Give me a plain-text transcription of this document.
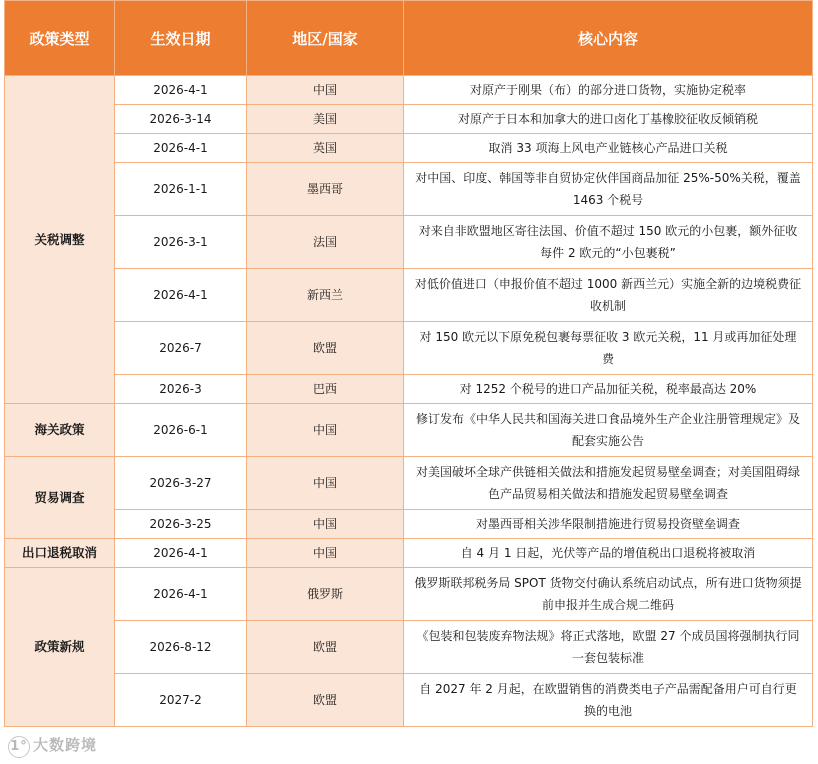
政策类型	生效日期	地区/国家	核心内容
关税调整	2026-4-1	中国	对原产于刚果（布）的部分进口货物，实施协定税率
	2026-3-14	美国	对原产于日本和加拿大的进口卤化丁基橡胶征收反倾销税
	2026-4-1	英国	取消 33 项海上风电产业链核心产品进口关税
	2026-1-1	墨西哥	对中国、印度、韩国等非自贸协定伙伴国商品加征 25%-50%关税，覆盖 1463 个税号
	2026-3-1	法国	对来自非欧盟地区寄往法国、价值不超过 150 欧元的小包裹，额外征收每件 2 欧元的“小包裹税”
	2026-4-1	新西兰	对低价值进口（申报价值不超过 1000 新西兰元）实施全新的边境税费征收机制
	2026-7	欧盟	对 150 欧元以下原免税包裹每票征收 3 欧元关税，11 月或再加征处理费
	2026-3	巴西	对 1252 个税号的进口产品加征关税，税率最高达 20%
海关政策	2026-6-1	中国	修订发布《中华人民共和国海关进口食品境外生产企业注册管理规定》及配套实施公告
贸易调查	2026-3-27	中国	对美国破坏全球产供链相关做法和措施发起贸易壁垒调查；对美国阻碍绿色产品贸易相关做法和措施发起贸易壁垒调查
	2026-3-25	中国	对墨西哥相关涉华限制措施进行贸易投资壁垒调查
出口退税取消	2026-4-1	中国	自 4 月 1 日起，光伏等产品的增值税出口退税将被取消
政策新规	2026-4-1	俄罗斯	俄罗斯联邦税务局 SPOT 货物交付确认系统启动试点，所有进口货物须提前申报并生成合规二维码
	2026-8-12	欧盟	《包装和包装废弃物法规》将正式落地，欧盟 27 个成员国将强制执行同一套包装标准
	2027-2	欧盟	自 2027 年 2 月起，在欧盟销售的消费类电子产品需配备用户可自行更换的电池
1° 大数跨境
